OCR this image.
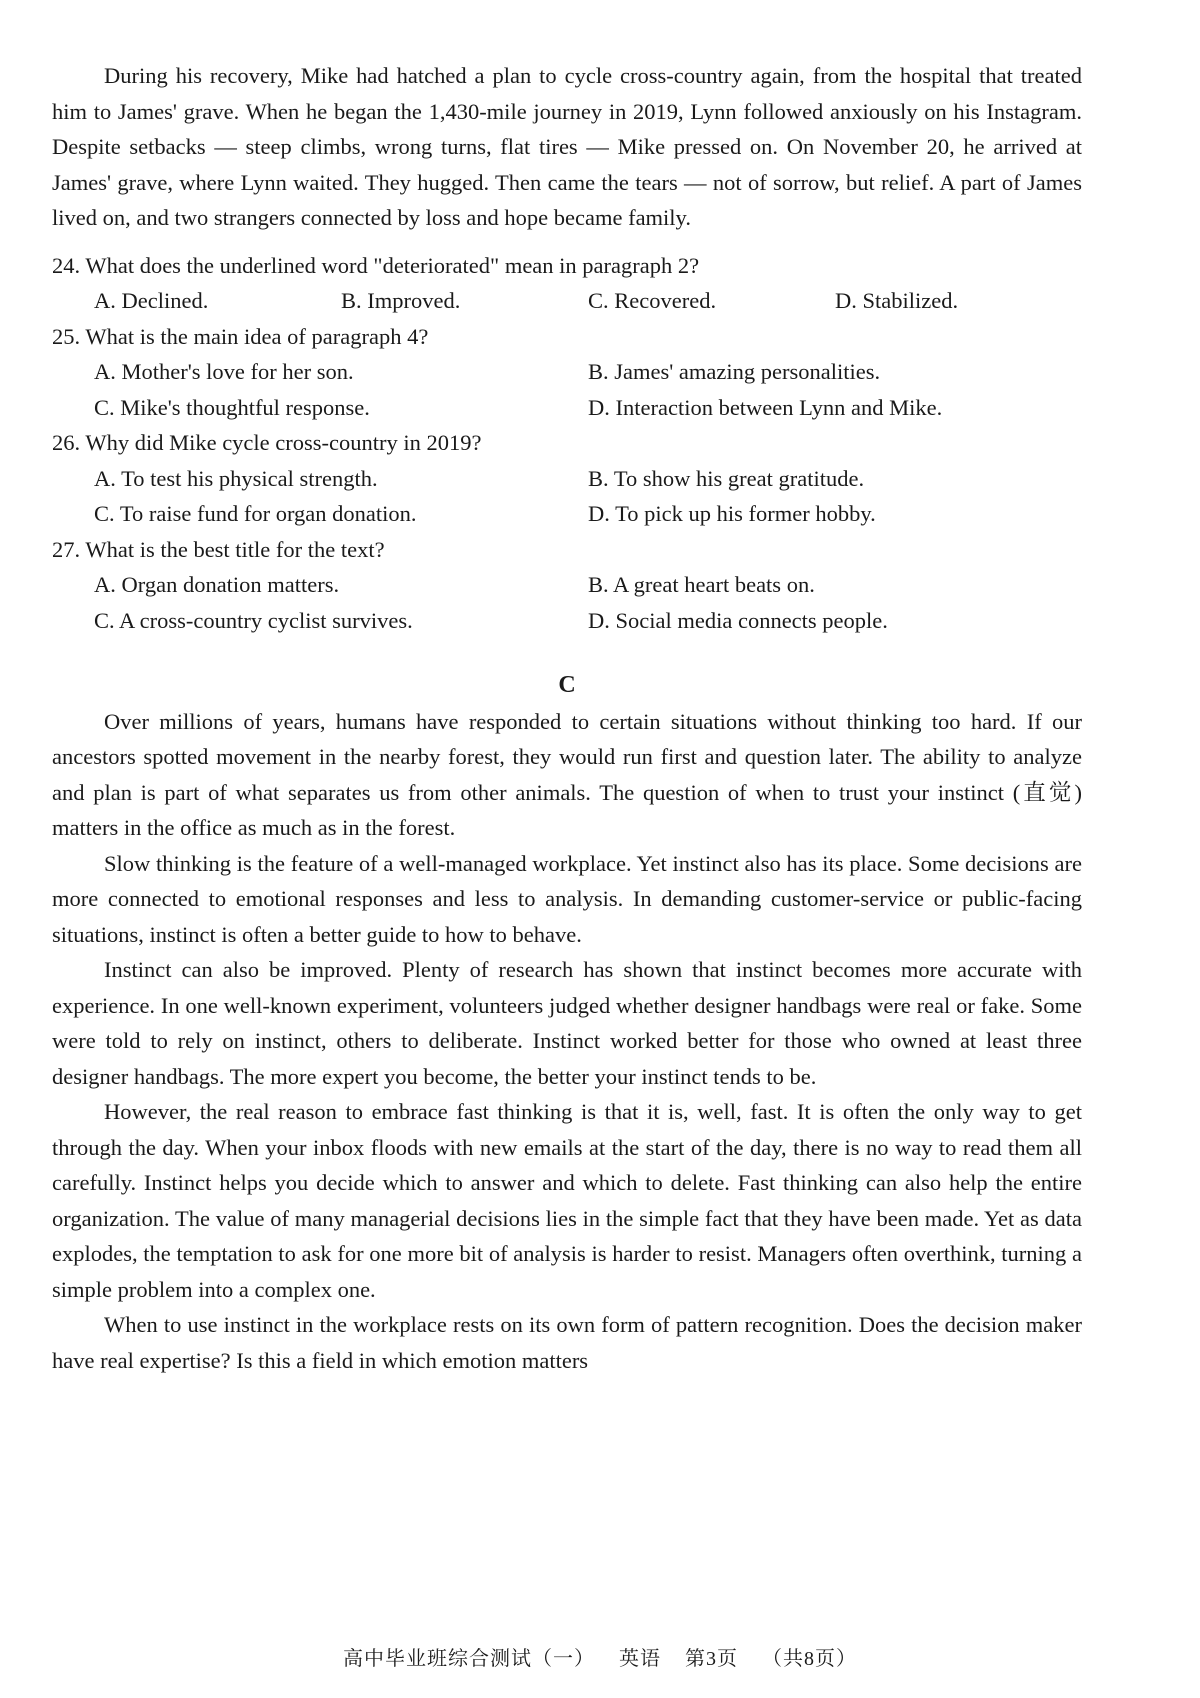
During his recovery, Mike had hatched a plan to cycle cross-country again, from the hospital that treated him to James' grave. When he began the 1,430-mile journey in 2019, Lynn followed anxiously on his Instagram. Despite setbacks — steep climbs, wrong turns, flat tires — Mike pressed on. On November 20, he arrived at James' grave, where Lynn waited. They hugged. Then came the tears — not of sorrow, but relief. A part of James lived on, and two strangers connected by loss and hope became family.

24. What does the underlined word "deteriorated" mean in paragraph 2?

A. Declined.	B. Improved.	C. Recovered.	D. Stabilized.

25. What is the main idea of paragraph 4?

A. Mother's love for her son.	B. James' amazing personalities.
C. Mike's thoughtful response.	D. Interaction between Lynn and Mike.

26. Why did Mike cycle cross-country in 2019?

A. To test his physical strength.	B. To show his great gratitude.
C. To raise fund for organ donation.	D. To pick up his former hobby.

27. What is the best title for the text?

A. Organ donation matters.	B. A great heart beats on.
C. A cross-country cyclist survives.	D. Social media connects people.
C

Over millions of years, humans have responded to certain situations without thinking too hard. If our ancestors spotted movement in the nearby forest, they would run first and question later. The ability to analyze and plan is part of what separates us from other animals. The question of when to trust your instinct (直觉) matters in the office as much as in the forest.

Slow thinking is the feature of a well-managed workplace. Yet instinct also has its place. Some decisions are more connected to emotional responses and less to analysis. In demanding customer-service or public-facing situations, instinct is often a better guide to how to behave.

Instinct can also be improved. Plenty of research has shown that instinct becomes more accurate with experience. In one well-known experiment, volunteers judged whether designer handbags were real or fake. Some were told to rely on instinct, others to deliberate. Instinct worked better for those who owned at least three designer handbags. The more expert you become, the better your instinct tends to be.

However, the real reason to embrace fast thinking is that it is, well, fast. It is often the only way to get through the day. When your inbox floods with new emails at the start of the day, there is no way to read them all carefully. Instinct helps you decide which to answer and which to delete. Fast thinking can also help the entire organization. The value of many managerial decisions lies in the simple fact that they have been made. Yet as data explodes, the temptation to ask for one more bit of analysis is harder to resist. Managers often overthink, turning a simple problem into a complex one.

When to use instinct in the workplace rests on its own form of pattern recognition. Does the decision maker have real expertise? Is this a field in which emotion matters

高中毕业班综合测试（一） 英语 第3页 （共8页）
